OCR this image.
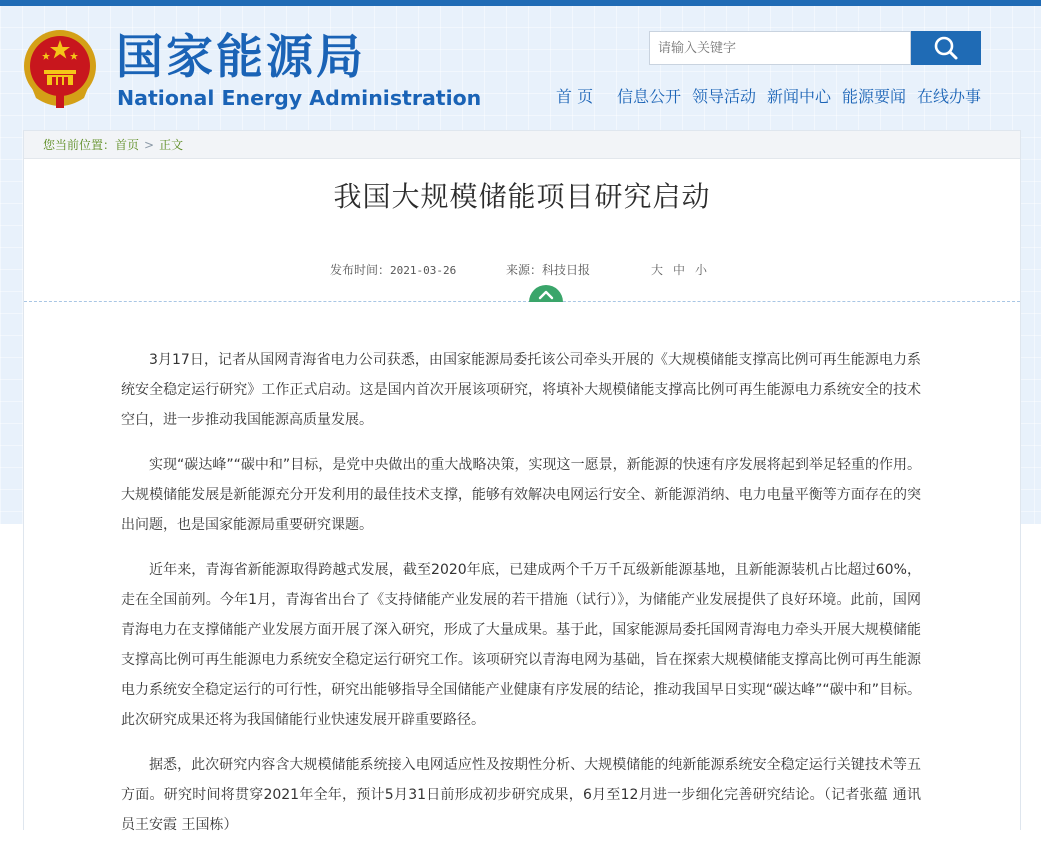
国家能源局
National Energy Administration
请输入关键字	首 页 信息公开 领导活动 新闻中心 能源要闻 在线办事
您当前位置：首页 > 正文
我国大规模储能项目研究启动
发布时间：2021-03-26	来源：科技日报	大 中 小

3月17日，记者从国网青海省电力公司获悉，由国家能源局委托该公司牵头开展的《大规模储能支撑高比例可再生能源电力系统安全稳定运行研究》工作正式启动。这是国内首次开展该项研究，将填补大规模储能支撑高比例可再生能源电力系统安全的技术空白，进一步推动我国能源高质量发展。

实现“碳达峰”“碳中和”目标，是党中央做出的重大战略决策，实现这一愿景，新能源的快速有序发展将起到举足轻重的作用。大规模储能发展是新能源充分开发利用的最佳技术支撑，能够有效解决电网运行安全、新能源消纳、电力电量平衡等方面存在的突出问题，也是国家能源局重要研究课题。

近年来，青海省新能源取得跨越式发展，截至2020年底，已建成两个千万千瓦级新能源基地，且新能源装机占比超过60%，走在全国前列。今年1月，青海省出台了《支持储能产业发展的若干措施（试行）》，为储能产业发展提供了良好环境。此前，国网青海电力在支撑储能产业发展方面开展了深入研究，形成了大量成果。基于此，国家能源局委托国网青海电力牵头开展大规模储能支撑高比例可再生能源电力系统安全稳定运行研究工作。该项研究以青海电网为基础，旨在探索大规模储能支撑高比例可再生能源电力系统安全稳定运行的可行性，研究出能够指导全国储能产业健康有序发展的结论，推动我国早日实现“碳达峰”“碳中和”目标。此次研究成果还将为我国储能行业快速发展开辟重要路径。

据悉，此次研究内容含大规模储能系统接入电网适应性及按期性分析、大规模储能的纯新能源系统安全稳定运行关键技术等五方面。研究时间将贯穿2021年全年，预计5月31日前形成初步研究成果，6月至12月进一步细化完善研究结论。（记者张蕴 通讯员王安霞 王国栋）
